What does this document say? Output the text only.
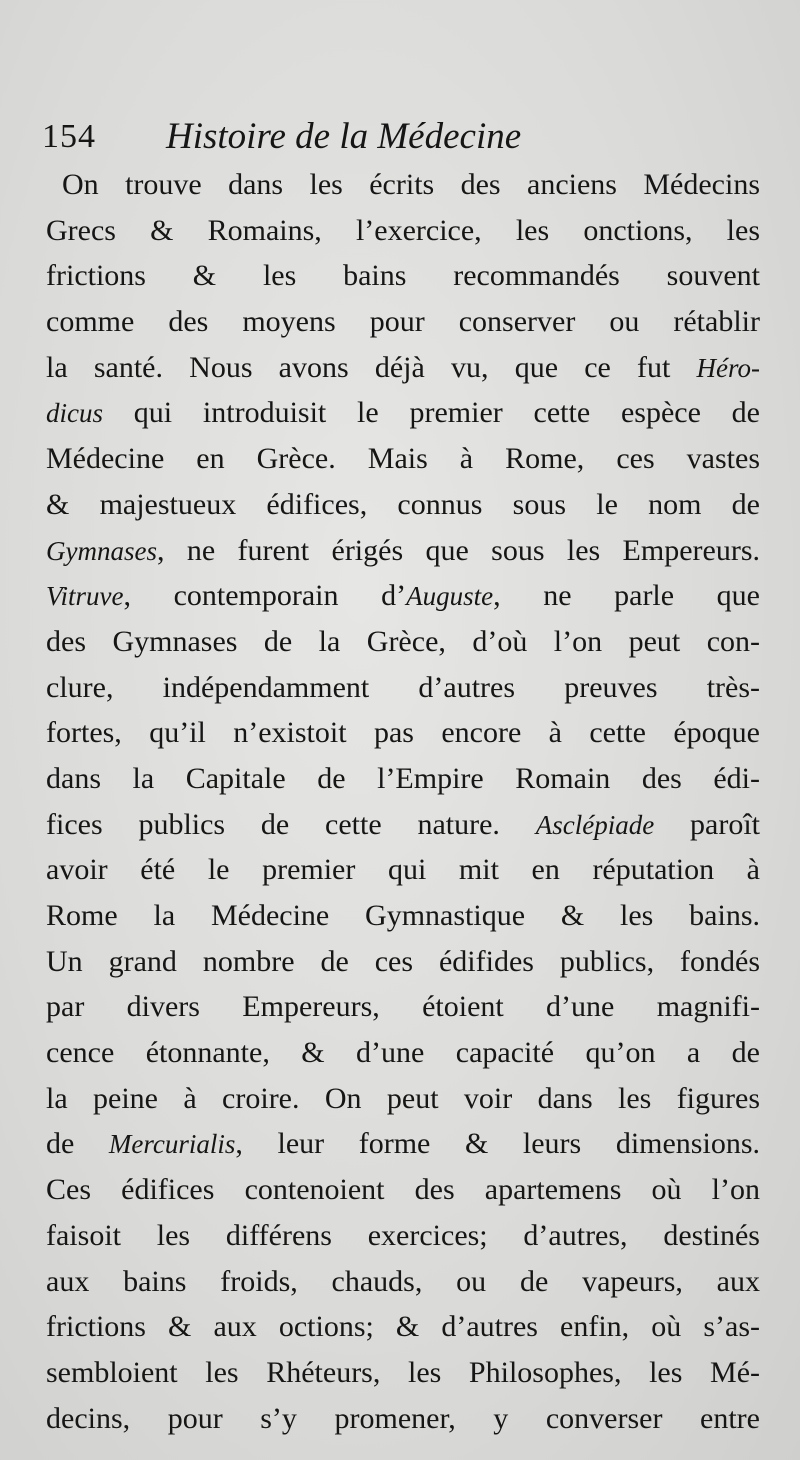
154 Histoire de la Médecine
On trouve dans les écrits des anciens Médecins
Grecs & Romains, l’exercice, les onctions, les
frictions & les bains recommandés souvent
comme des moyens pour conserver ou rétablir
la santé. Nous avons déjà vu, que ce fut Héro-
dicus qui introduisit le premier cette espèce de
Médecine en Grèce. Mais à Rome, ces vastes
& majestueux édifices, connus sous le nom de
Gymnases, ne furent érigés que sous les Empereurs.
Vitruve, contemporain d’Auguste, ne parle que
des Gymnases de la Grèce, d’où l’on peut con-
clure, indépendamment d’autres preuves très-
fortes, qu’il n’existoit pas encore à cette époque
dans la Capitale de l’Empire Romain des édi-
fices publics de cette nature. Asclépiade paroît
avoir été le premier qui mit en réputation à
Rome la Médecine Gymnastique & les bains.
Un grand nombre de ces édifides publics, fondés
par divers Empereurs, étoient d’une magnifi-
cence étonnante, & d’une capacité qu’on a de
la peine à croire. On peut voir dans les figures
de Mercurialis, leur forme & leurs dimensions.
Ces édifices contenoient des apartemens où l’on
faisoit les différens exercices; d’autres, destinés
aux bains froids, chauds, ou de vapeurs, aux
frictions & aux octions; & d’autres enfin, où s’as-
sembloient les Rhéteurs, les Philosophes, les Mé-
decins, pour s’y promener, y converser entre
